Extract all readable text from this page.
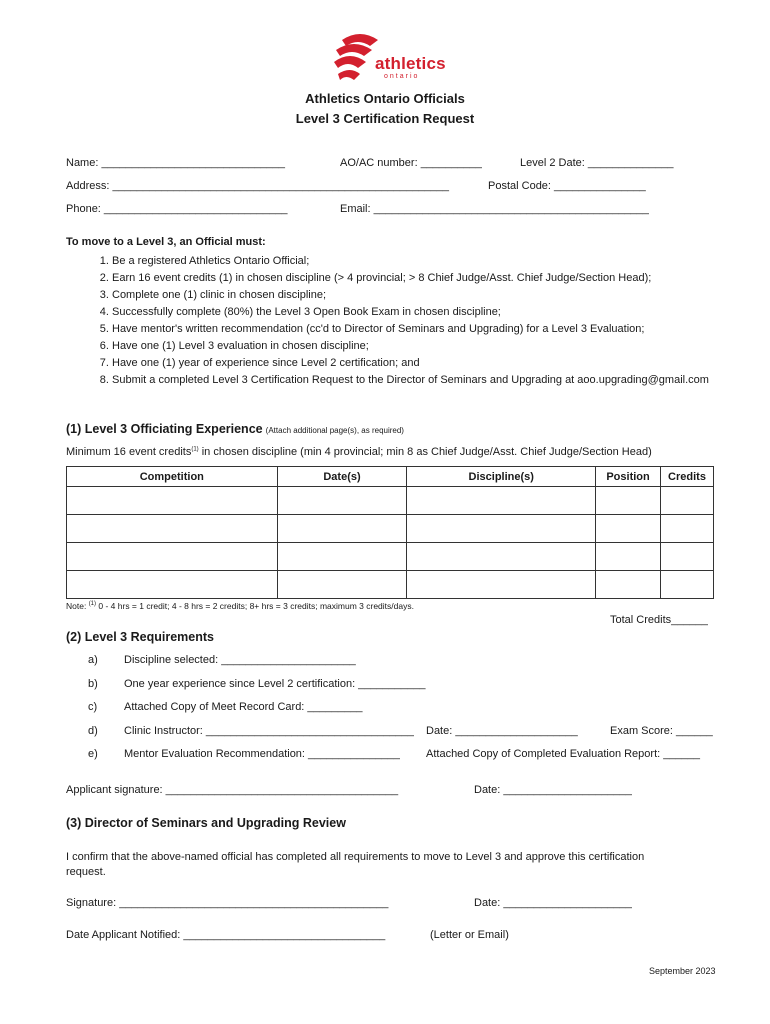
athletics
ontario
Athletics Ontario Officials
Level 3 Certification Request
Name: ______________________________	AO/AC number: __________	Level 2 Date: ______________
Address: _______________________________________________________	Postal Code: _______________
Phone: ______________________________	Email: _____________________________________________
To move to a Level 3, an Official must:
1. Be a registered Athletics Ontario Official;
2. Earn 16 event credits (1) in chosen discipline (> 4 provincial; > 8 Chief Judge/Asst. Chief Judge/Section Head);
3. Complete one (1) clinic in chosen discipline;
4. Successfully complete (80%) the Level 3 Open Book Exam in chosen discipline;
5. Have mentor's written recommendation (cc'd to Director of Seminars and Upgrading) for a Level 3 Evaluation;
6. Have one (1) Level 3 evaluation in chosen discipline;
7. Have one (1) year of experience since Level 2 certification; and
8. Submit a completed Level 3 Certification Request to the Director of Seminars and Upgrading at aoo.upgrading@gmail.com
(1) Level 3 Officiating Experience (Attach additional page(s), as required)
Minimum 16 event credits$^{(1)}$ in chosen discipline (min 4 provincial; min 8 as Chief Judge/Asst. Chief Judge/Section Head)
Competition	Date(s)	Discipline(s)	Position	Credits

Note: $^{(1)}$ 0 - 4 hrs = 1 credit; 4 - 8 hrs = 2 credits; 8+ hrs = 3 credits; maximum 3 credits/days.
Total Credits______
(2) Level 3 Requirements
a) Discipline selected: ______________________
b) One year experience since Level 2 certification: ___________
c) Attached Copy of Meet Record Card: _________
d) Clinic Instructor: __________________________________ Date: ____________________	Exam Score: ______
e) Mentor Evaluation Recommendation: _______________ Attached Copy of Completed Evaluation Report: ______
Applicant signature: ______________________________________	Date: _____________________
(3) Director of Seminars and Upgrading Review
I confirm that the above-named official has completed all requirements to move to Level 3 and approve this certification
request.
Signature: ____________________________________________	Date: _____________________
Date Applicant Notified: _________________________________	(Letter or Email)
September 2023
